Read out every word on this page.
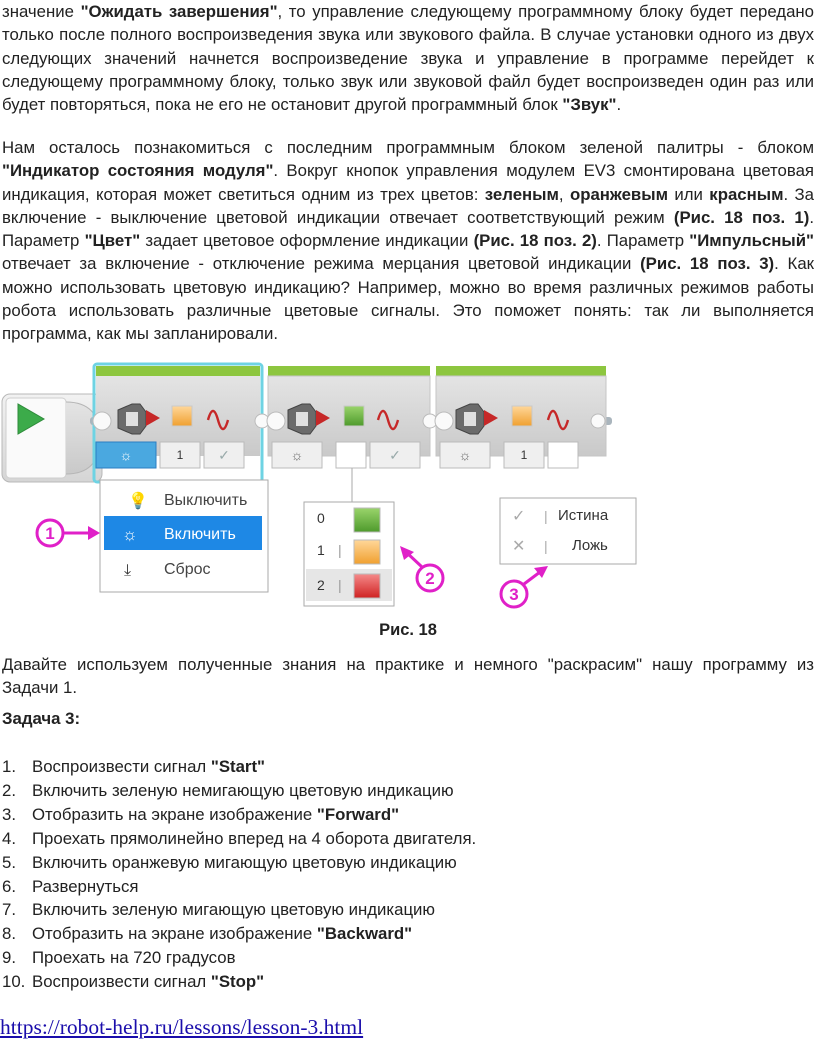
значение "Ожидать завершения", то управление следующему программному блоку будет передано только после полного воспроизведения звука или звукового файла. В случае установки одного из двух следующих значений начнется воспроизведение звука и управление в программе перейдет к следующему программному блоку, только звук или звуковой файл будет воспроизведен один раз или будет повторяться, пока не его не остановит другой программный блок "Звук".
Нам осталось познакомиться с последним программным блоком зеленой палитры - блоком "Индикатор состояния модуля". Вокруг кнопок управления модулем EV3 смонтирована цветовая индикация, которая может светиться одним из трех цветов: зеленым, оранжевым или красным. За включение - выключение цветовой индикации отвечает соответствующий режим (Рис. 18 поз. 1). Параметр "Цвет" задает цветовое оформление индикации (Рис. 18 поз. 2). Параметр "Импульсный" отвечает за включение - отключение режима мерцания цветовой индикации (Рис. 18 поз. 3). Как можно использовать цветовую индикацию? Например, можно во время различных режимов работы робота использовать различные цветовые сигналы. Это поможет понять: так ли выполняется программа, как мы запланировали.
☼	1 ✓	☼	✓	☼	1
💡 Выключить
☼ Включить
⤓ Сброс
0
1 |
2 |
✓ | Истина
✕ | Ложь
1
2
3
Рис. 18
Давайте используем полученные знания на практике и немного "раскрасим" нашу программу из Задачи 1.
Задача 3:
1. Воспроизвести сигнал "Start"
2. Включить зеленую немигающую цветовую индикацию
3. Отобразить на экране изображение "Forward"
4. Проехать прямолинейно вперед на 4 оборота двигателя.
5. Включить оранжевую мигающую цветовую индикацию
6. Развернуться
7. Включить зеленую мигающую цветовую индикацию
8. Отобразить на экране изображение "Backward"
9. Проехать на 720 градусов
10. Воспроизвести сигнал "Stop"
https://robot-help.ru/lessons/lesson-3.html
